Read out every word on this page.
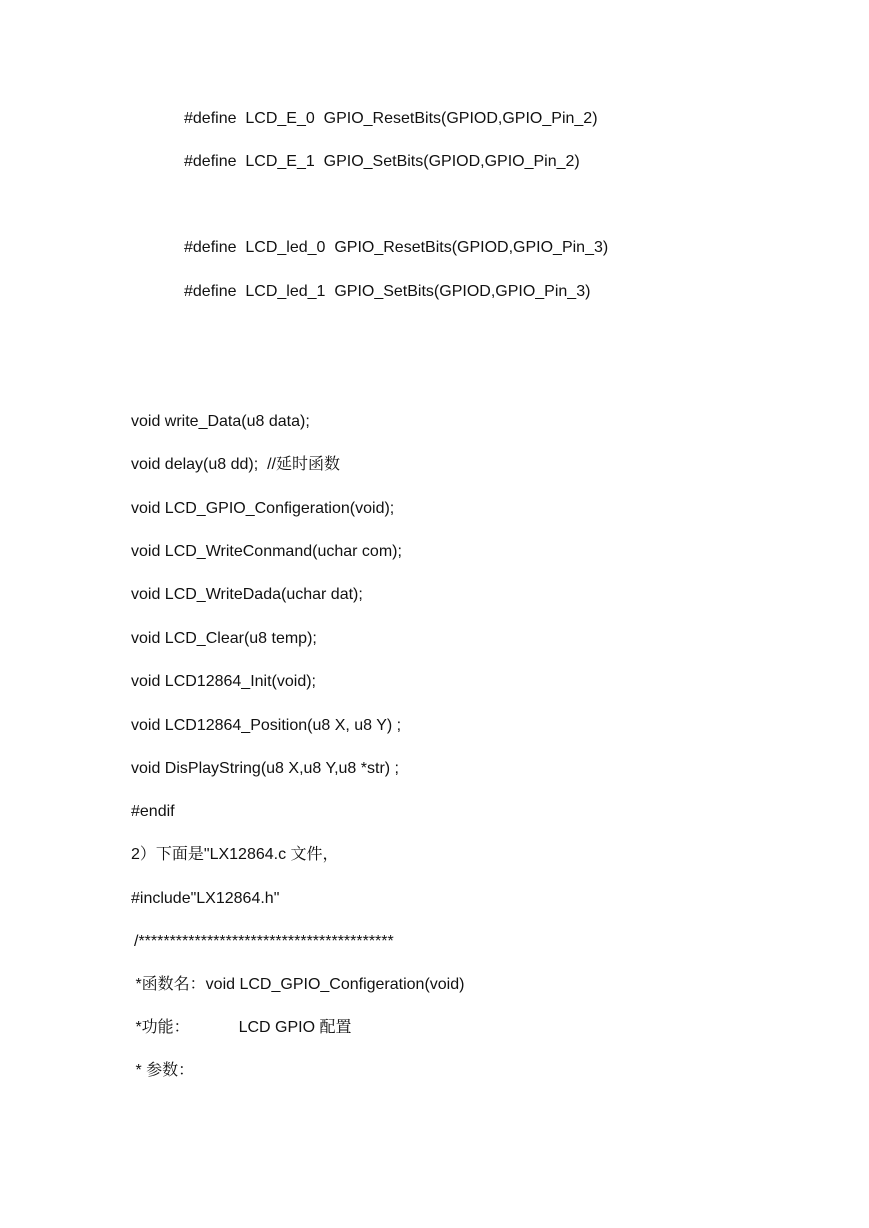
#define  LCD_E_0  GPIO_ResetBits(GPIOD,GPIO_Pin_2)
#define  LCD_E_1  GPIO_SetBits(GPIOD,GPIO_Pin_2)
#define  LCD_led_0  GPIO_ResetBits(GPIOD,GPIO_Pin_3)
#define  LCD_led_1  GPIO_SetBits(GPIOD,GPIO_Pin_3)
void write_Data(u8 data);
void delay(u8 dd);  //延时函数
void LCD_GPIO_Configeration(void);
void LCD_WriteConmand(uchar com);
void LCD_WriteDada(uchar dat);
void LCD_Clear(u8 temp);
void LCD12864_Init(void);
void LCD12864_Position(u8 X, u8 Y) ;
void DisPlayString(u8 X,u8 Y,u8 *str) ;
#endif
2）下面是"LX12864.c 文件，
#include"LX12864.h"
/*****************************************
*函数名：void LCD_GPIO_Configeration(void)
*功能：           LCD GPIO 配置
* 参数：
